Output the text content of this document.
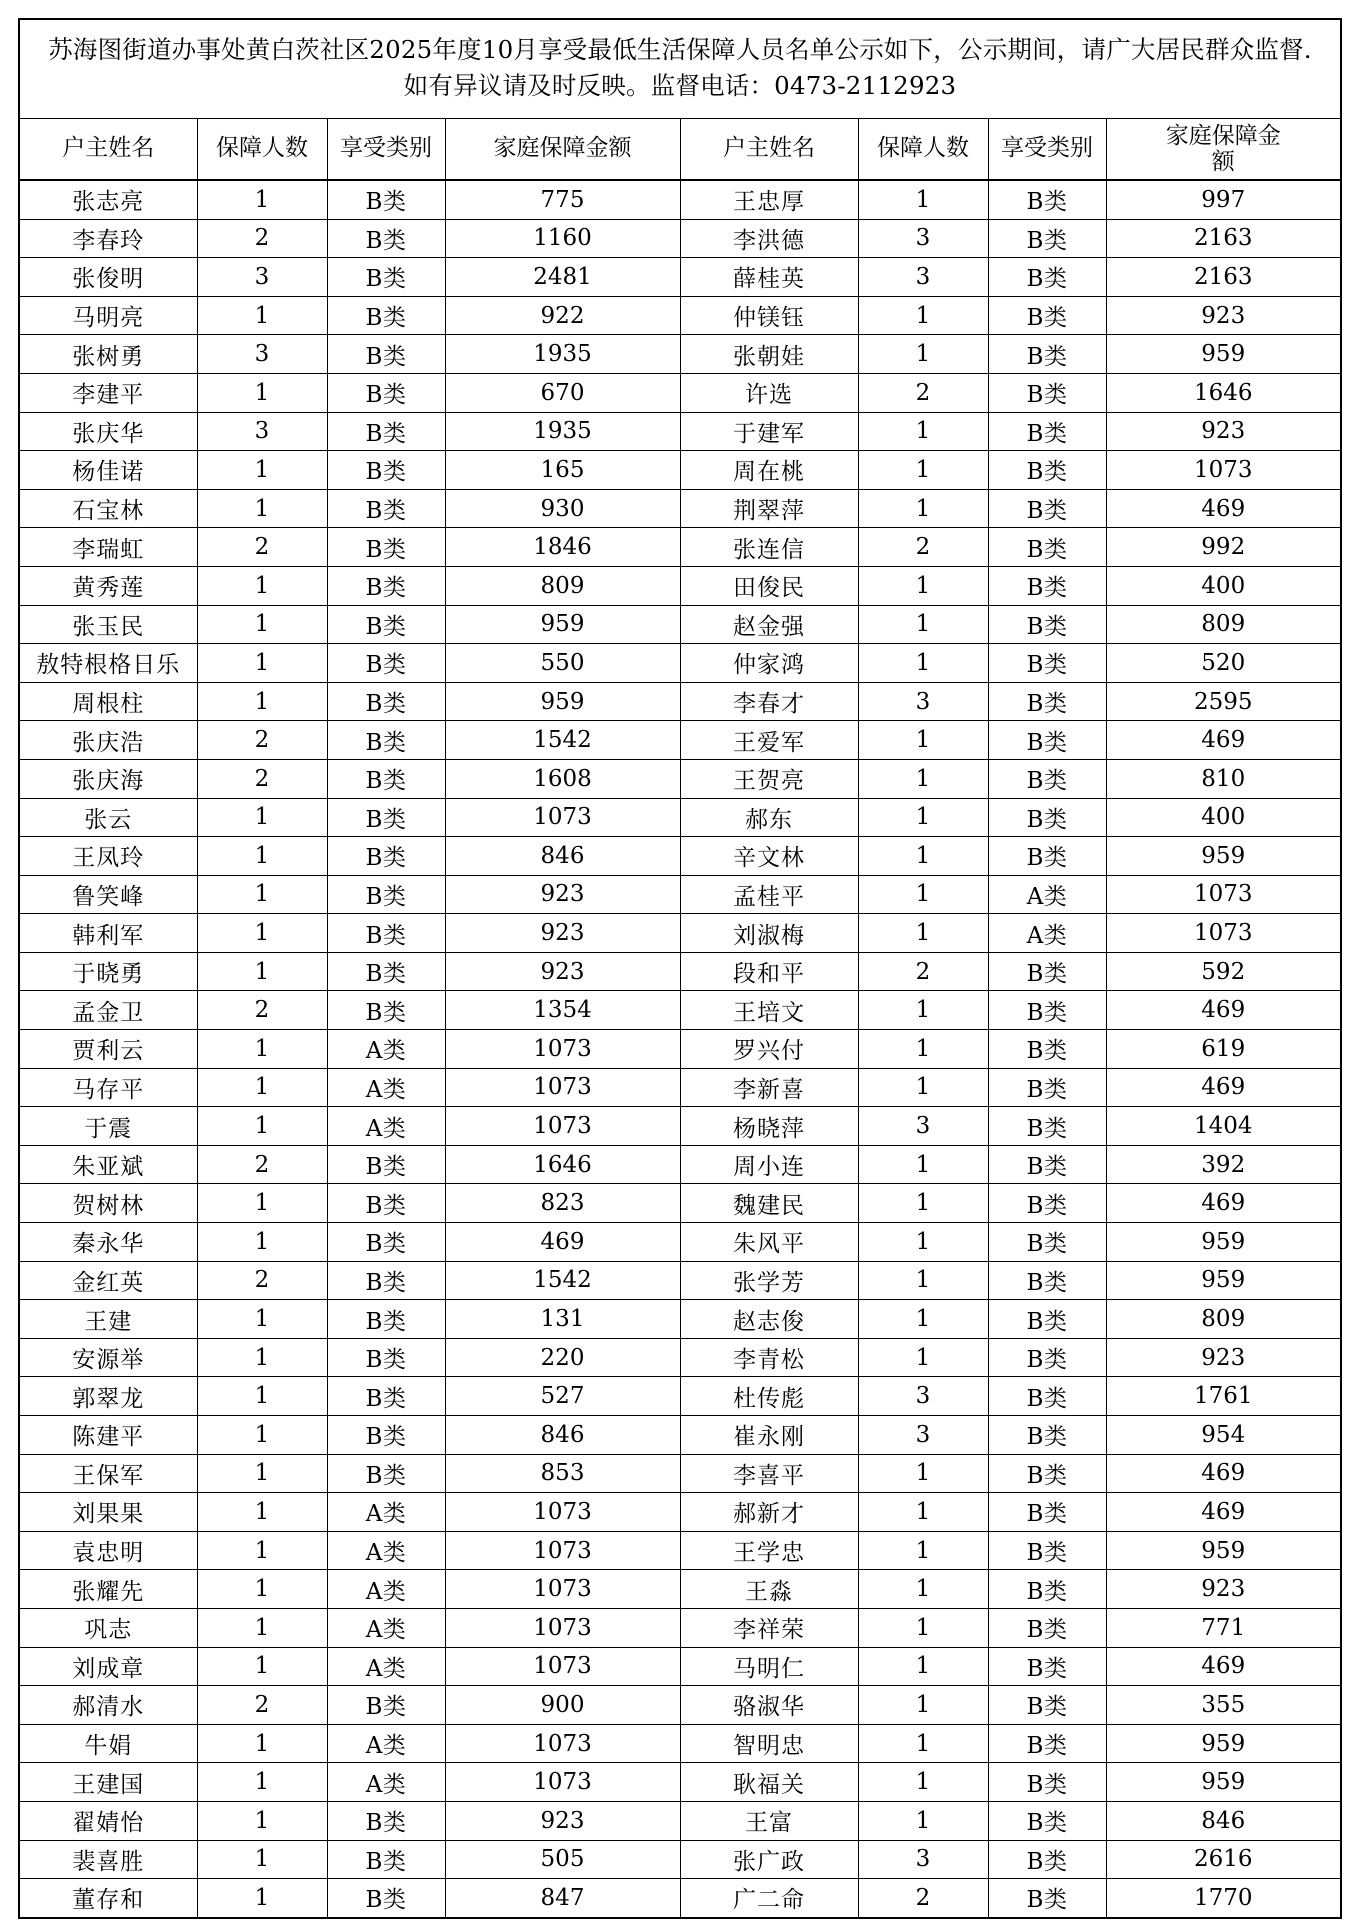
苏海图街道办事处黄白茨社区2025年度10月享受最低生活保障人员名单公示如下，公示期间，请广大居民群众监督.如有异议请及时反映。监督电话：0473-2112923							
户主姓名	保障人数	享受类别	家庭保障金额	户主姓名	保障人数	享受类别	家庭保障金
额
张志亮	1	B类	775	王忠厚	1	B类	997
李春玲	2	B类	1160	李洪德	3	B类	2163
张俊明	3	B类	2481	薛桂英	3	B类	2163
马明亮	1	B类	922	仲镁钰	1	B类	923
张树勇	3	B类	1935	张朝娃	1	B类	959
李建平	1	B类	670	许选	2	B类	1646
张庆华	3	B类	1935	于建军	1	B类	923
杨佳诺	1	B类	165	周在桃	1	B类	1073
石宝林	1	B类	930	荆翠萍	1	B类	469
李瑞虹	2	B类	1846	张连信	2	B类	992
黄秀莲	1	B类	809	田俊民	1	B类	400
张玉民	1	B类	959	赵金强	1	B类	809
敖特根格日乐	1	B类	550	仲家鸿	1	B类	520
周根柱	1	B类	959	李春才	3	B类	2595
张庆浩	2	B类	1542	王爱军	1	B类	469
张庆海	2	B类	1608	王贺亮	1	B类	810
张云	1	B类	1073	郝东	1	B类	400
王凤玲	1	B类	846	辛文林	1	B类	959
鲁笑峰	1	B类	923	孟桂平	1	A类	1073
韩利军	1	B类	923	刘淑梅	1	A类	1073
于晓勇	1	B类	923	段和平	2	B类	592
孟金卫	2	B类	1354	王培文	1	B类	469
贾利云	1	A类	1073	罗兴付	1	B类	619
马存平	1	A类	1073	李新喜	1	B类	469
于震	1	A类	1073	杨晓萍	3	B类	1404
朱亚斌	2	B类	1646	周小连	1	B类	392
贺树林	1	B类	823	魏建民	1	B类	469
秦永华	1	B类	469	朱风平	1	B类	959
金红英	2	B类	1542	张学芳	1	B类	959
王建	1	B类	131	赵志俊	1	B类	809
安源举	1	B类	220	李青松	1	B类	923
郭翠龙	1	B类	527	杜传彪	3	B类	1761
陈建平	1	B类	846	崔永刚	3	B类	954
王保军	1	B类	853	李喜平	1	B类	469
刘果果	1	A类	1073	郝新才	1	B类	469
袁忠明	1	A类	1073	王学忠	1	B类	959
张耀先	1	A类	1073	王淼	1	B类	923
巩志	1	A类	1073	李祥荣	1	B类	771
刘成章	1	A类	1073	马明仁	1	B类	469
郝清水	2	B类	900	骆淑华	1	B类	355
牛娟	1	A类	1073	智明忠	1	B类	959
王建国	1	A类	1073	耿福关	1	B类	959
翟婧怡	1	B类	923	王富	1	B类	846
裴喜胜	1	B类	505	张广政	3	B类	2616
董存和	1	B类	847	广二命	2	B类	1770
